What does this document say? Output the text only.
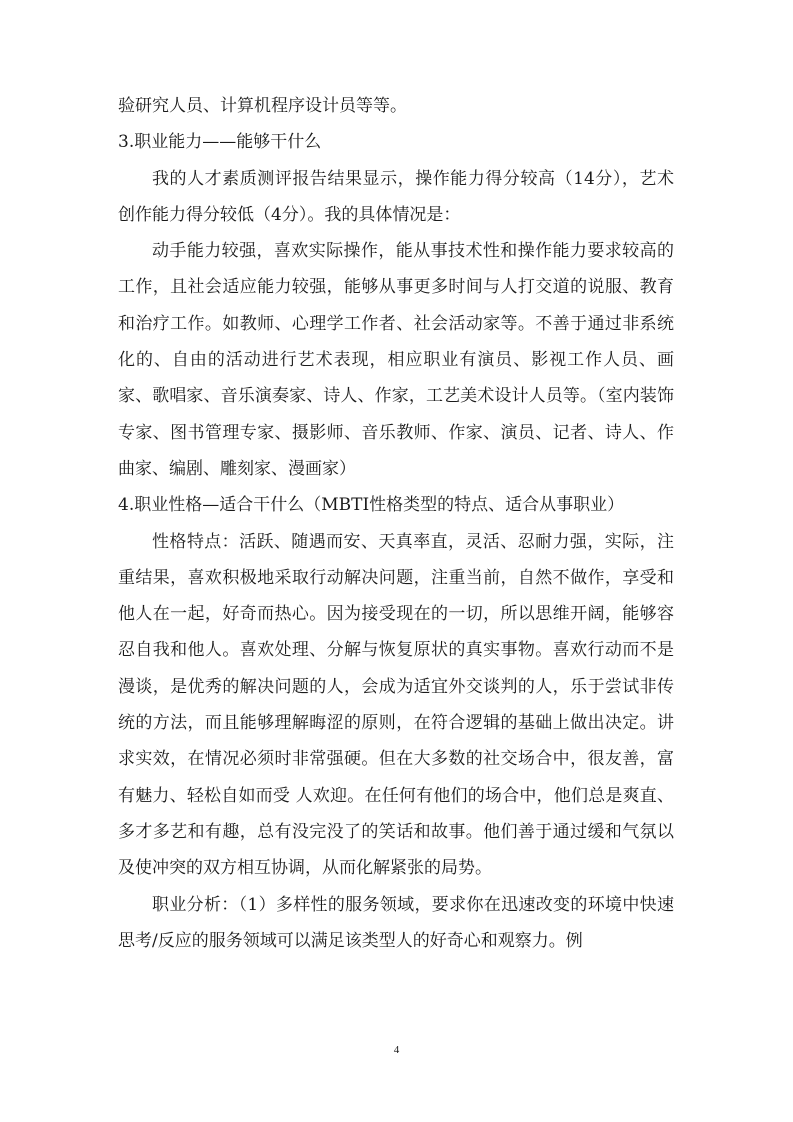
验研究人员、计算机程序设计员等等。

3.职业能力——能够干什么

我的人才素质测评报告结果显示，操作能力得分较高（14分），艺术创作能力得分较低（4分）。我的具体情况是：

动手能力较强，喜欢实际操作，能从事技术性和操作能力要求较高的工作，且社会适应能力较强，能够从事更多时间与人打交道的说服、教育和治疗工作。如教师、心理学工作者、社会活动家等。不善于通过非系统化的、自由的活动进行艺术表现，相应职业有演员、影视工作人员、画家、歌唱家、音乐演奏家、诗人、作家，工艺美术设计人员等。（室内装饰专家、图书管理专家、摄影师、音乐教师、作家、演员、记者、诗人、作曲家、编剧、雕刻家、漫画家）

4.职业性格—适合干什么（MBTI性格类型的特点、适合从事职业）

性格特点：活跃、随遇而安、天真率直，灵活、忍耐力强，实际，注重结果，喜欢积极地采取行动解决问题，注重当前，自然不做作，享受和他人在一起，好奇而热心。因为接受现在的一切，所以思维开阔，能够容忍自我和他人。喜欢处理、分解与恢复原状的真实事物。喜欢行动而不是漫谈，是优秀的解决问题的人，会成为适宜外交谈判的人，乐于尝试非传统的方法，而且能够理解晦涩的原则，在符合逻辑的基础上做出决定。讲求实效，在情况必须时非常强硬。但在大多数的社交场合中，很友善，富有魅力、轻松自如而受 人欢迎。在任何有他们的场合中，他们总是爽直、多才多艺和有趣，总有没完没了的笑话和故事。他们善于通过缓和气氛以及使冲突的双方相互协调，从而化解紧张的局势。

职业分析：（1）多样性的服务领域，要求你在迅速改变的环境中快速思考/反应的服务领域可以满足该类型人的好奇心和观察力。例

4
